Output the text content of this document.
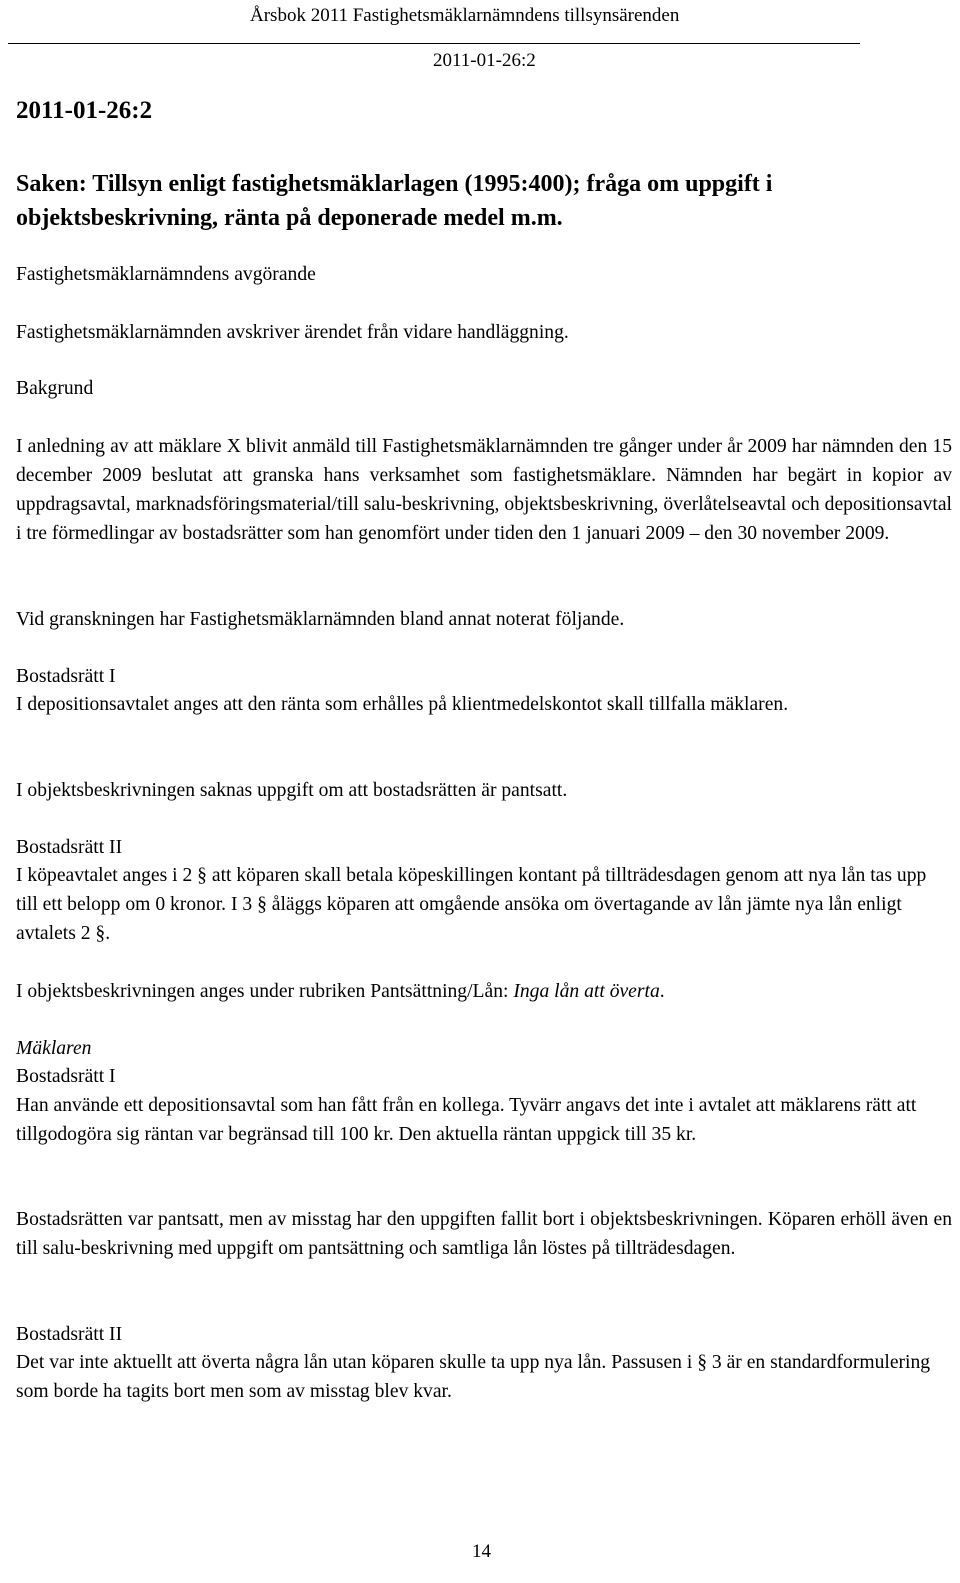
Årsbok 2011 Fastighetsmäklarnämndens tillsynsärenden
2011-01-26:2
2011-01-26:2
Saken: Tillsyn enligt fastighetsmäklarlagen (1995:400); fråga om uppgift i objektsbeskrivning, ränta på deponerade medel m.m.
Fastighetsmäklarnämndens avgörande
Fastighetsmäklarnämnden avskriver ärendet från vidare handläggning.
Bakgrund
I anledning av att mäklare X blivit anmäld till Fastighetsmäklarnämnden tre gånger under år 2009 har nämnden den 15 december 2009 beslutat att granska hans verksamhet som fastighetsmäklare. Nämnden har begärt in kopior av uppdragsavtal, marknadsföringsmaterial/till salu-beskrivning, objektsbeskrivning, överlåtelseavtal och depositionsavtal i tre förmedlingar av bostadsrätter som han genomfört under tiden den 1 januari 2009 – den 30 november 2009.
Vid granskningen har Fastighetsmäklarnämnden bland annat noterat följande.
Bostadsrätt I
I depositionsavtalet anges att den ränta som erhålles på klientmedelskontot skall tillfalla mäklaren.
I objektsbeskrivningen saknas uppgift om att bostadsrätten är pantsatt.
Bostadsrätt II
I köpeavtalet anges i 2 § att köparen skall betala köpeskillingen kontant på tillträdesdagen genom att nya lån tas upp till ett belopp om 0 kronor. I 3 § åläggs köparen att omgående ansöka om övertagande av lån jämte nya lån enligt avtalets 2 §.
I objektsbeskrivningen anges under rubriken Pantsättning/Lån: Inga lån att överta.
Mäklaren
Bostadsrätt I
Han använde ett depositionsavtal som han fått från en kollega. Tyvärr angavs det inte i avtalet att mäklarens rätt att tillgodogöra sig räntan var begränsad till 100 kr. Den aktuella räntan uppgick till 35 kr.
Bostadsrätten var pantsatt, men av misstag har den uppgiften fallit bort i objektsbeskrivningen. Köparen erhöll även en till salu-beskrivning med uppgift om pantsättning och samtliga lån löstes på tillträdesdagen.
Bostadsrätt II
Det var inte aktuellt att överta några lån utan köparen skulle ta upp nya lån. Passusen i § 3 är en standardformulering som borde ha tagits bort men som av misstag blev kvar.
14
